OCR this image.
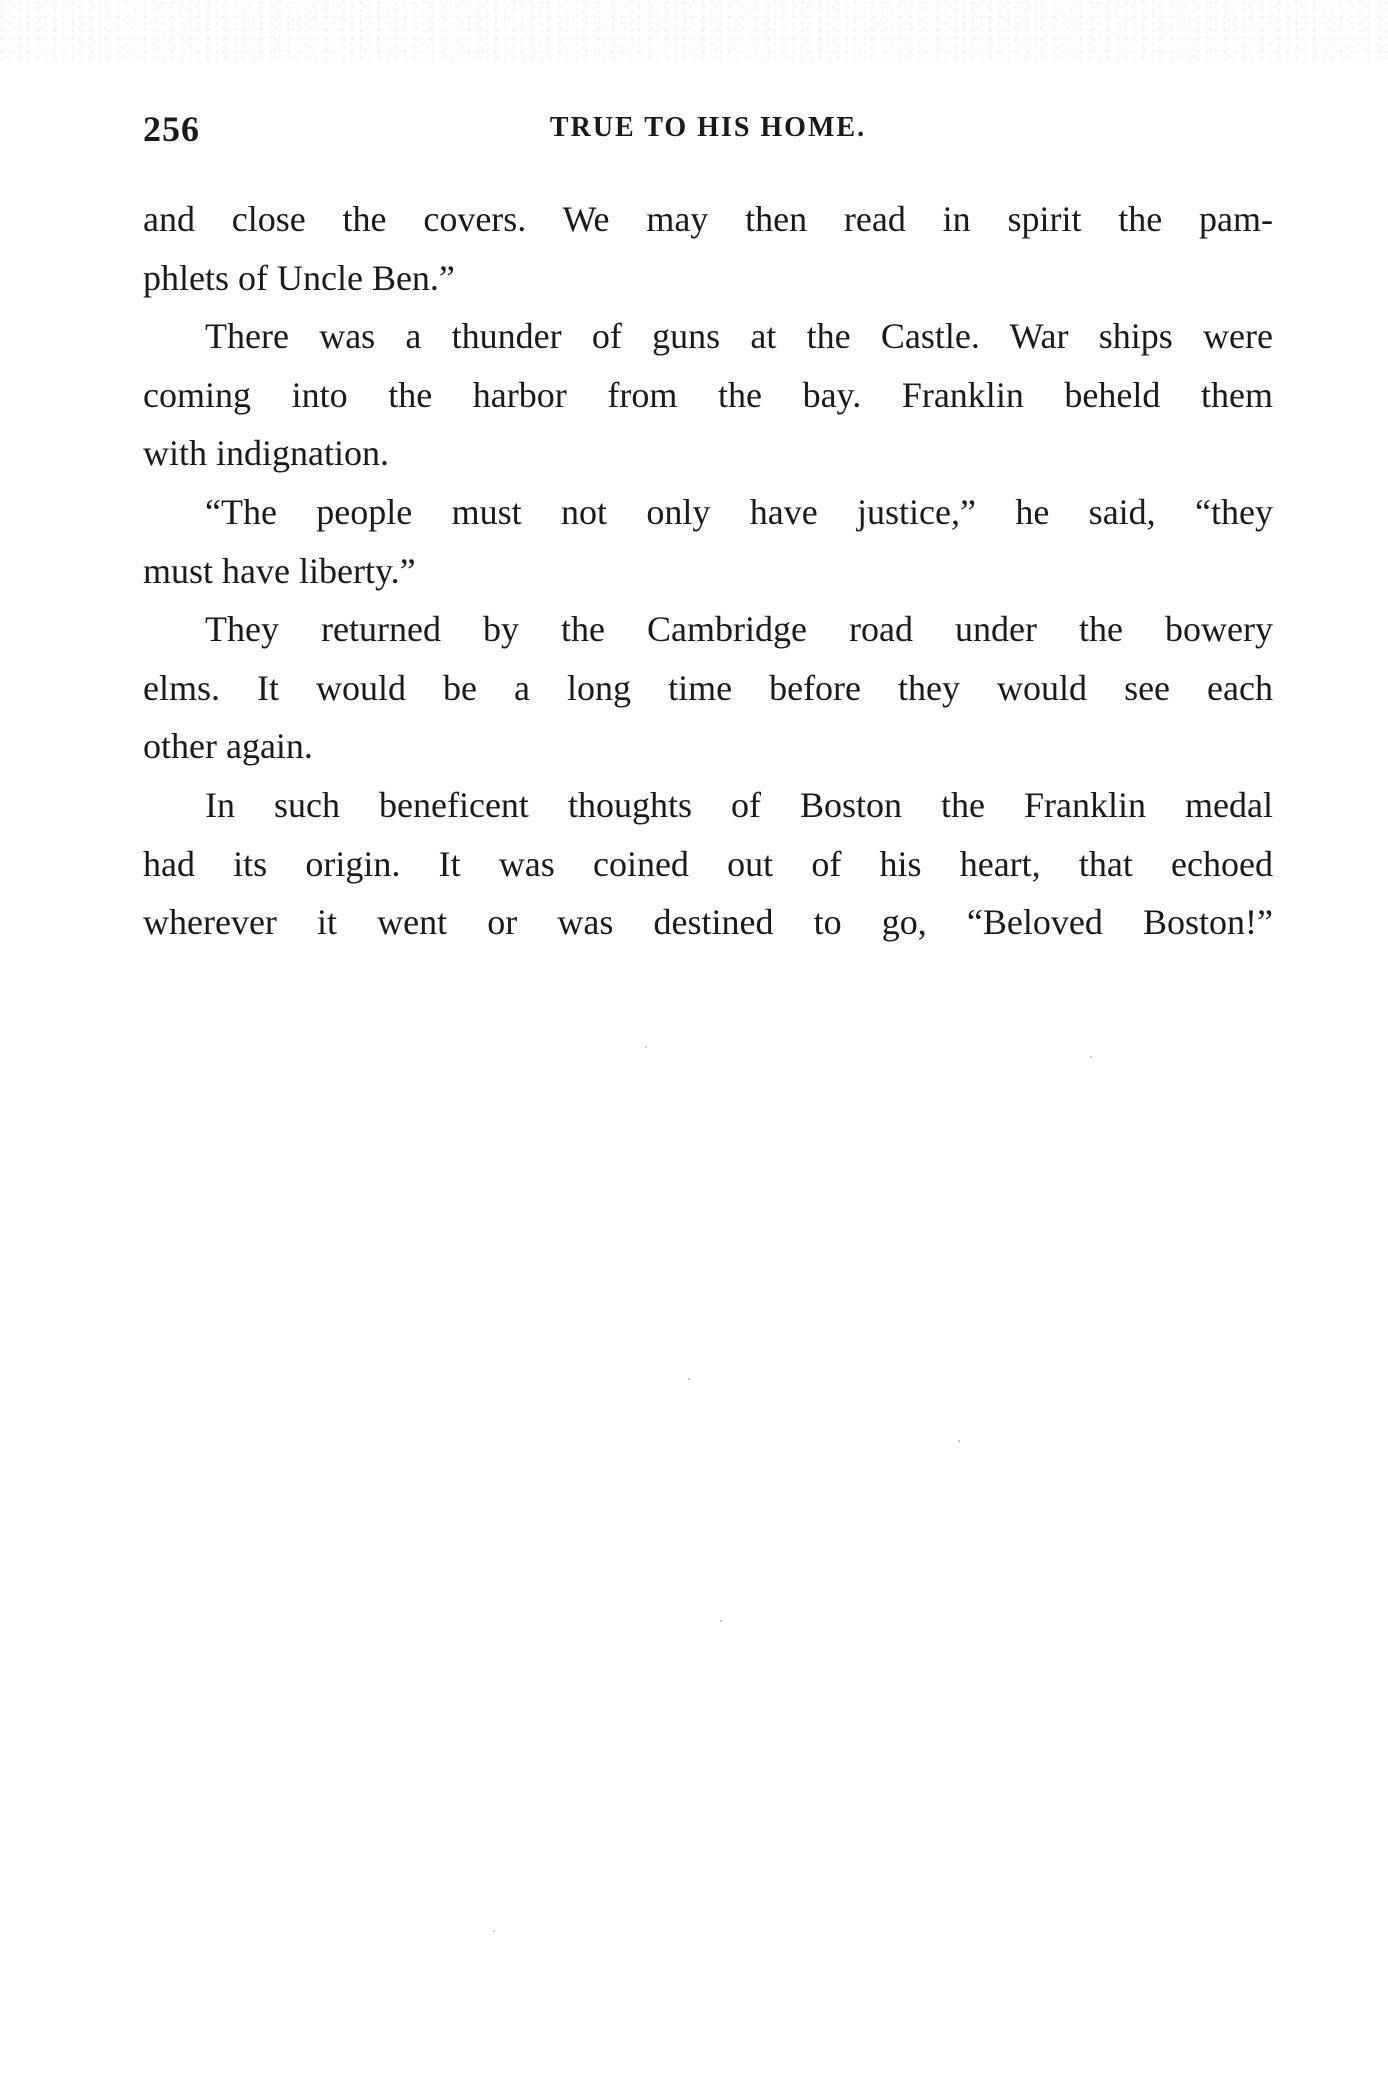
256	TRUE TO HIS HOME.
and close the covers. We may then read in spirit the pam-
phlets of Uncle Ben.”
There was a thunder of guns at the Castle. War ships were
coming into the harbor from the bay. Franklin beheld them
with indignation.
“The people must not only have justice,” he said, “they
must have liberty.”
They returned by the Cambridge road under the bowery
elms. It would be a long time before they would see each
other again.
In such beneficent thoughts of Boston the Franklin medal
had its origin. It was coined out of his heart, that echoed
wherever it went or was destined to go, “Beloved Boston!”
